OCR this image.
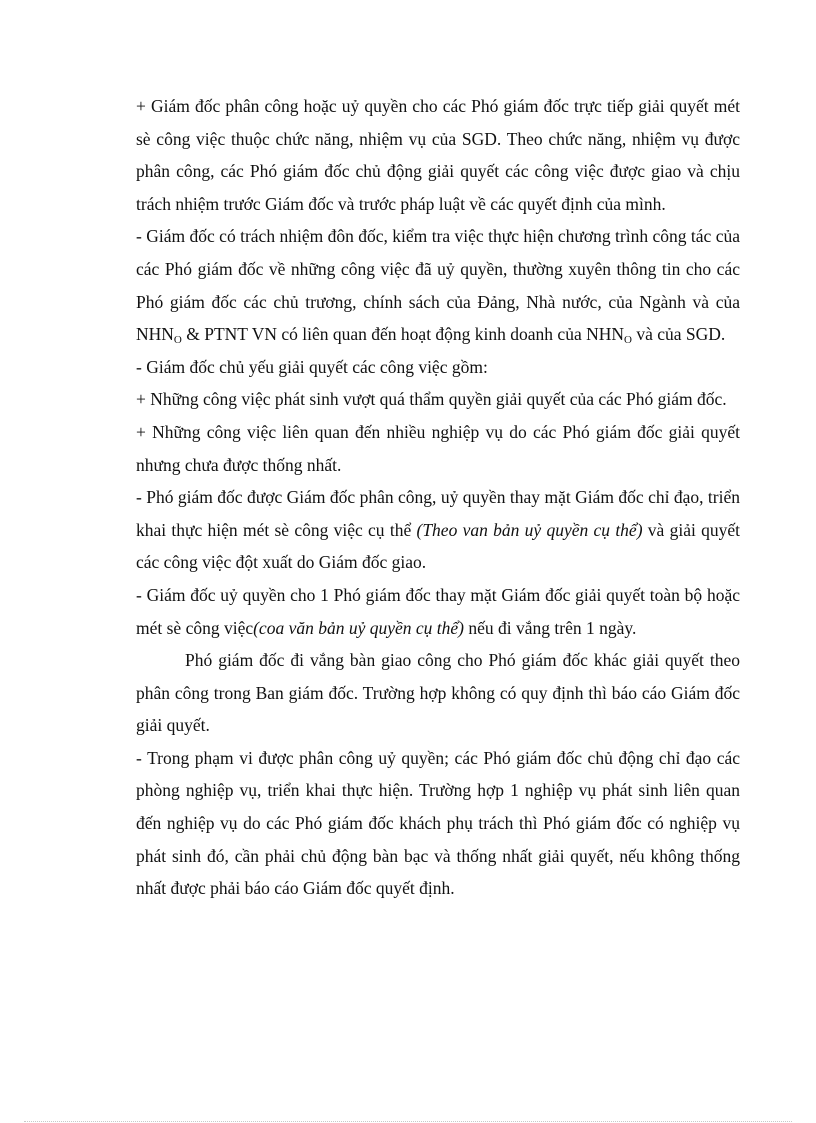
+ Giám đốc phân công hoặc uỷ quyền cho các Phó giám đốc trực tiếp giải quyết mét sè công việc thuộc chức năng, nhiệm vụ của SGD. Theo chức năng, nhiệm vụ được phân công, các Phó giám đốc chủ động giải quyết các công việc được giao và chịu trách nhiệm trước Giám đốc và trước pháp luật về các quyết định của mình.

- Giám đốc có trách nhiệm đôn đốc, kiểm tra việc thực hiện chương trình công tác của các Phó giám đốc về những công việc đã uỷ quyền, thường xuyên thông tin cho các Phó giám đốc các chủ trương, chính sách của Đảng, Nhà nước, của Ngành và của $NHN_O$ & PTNT VN có liên quan đến hoạt động kinh doanh của $NHN_O$ và của SGD.

- Giám đốc chủ yếu giải quyết các công việc gồm:

+ Những công việc phát sinh vượt quá thẩm quyền giải quyết của các Phó giám đốc.

+ Những công việc liên quan đến nhiều nghiệp vụ do các Phó giám đốc giải quyết nhưng chưa được thống nhất.

- Phó giám đốc được Giám đốc phân công, uỷ quyền thay mặt Giám đốc chỉ đạo, triển khai thực hiện mét sè công việc cụ thể (Theo van bản uỷ quyền cụ thể) và giải quyết các công việc đột xuất do Giám đốc giao.

- Giám đốc uỷ quyền cho 1 Phó giám đốc thay mặt Giám đốc giải quyết toàn bộ hoặc mét sè công việc(coa văn bản uỷ quyền cụ thể) nếu đi vắng trên 1 ngày.

Phó giám đốc đi vắng bàn giao công cho Phó giám đốc khác giải quyết theo phân công trong Ban giám đốc. Trường hợp không có quy định thì báo cáo Giám đốc giải quyết.

- Trong phạm vi được phân công uỷ quyền; các Phó giám đốc chủ động chỉ đạo các phòng nghiệp vụ, triển khai thực hiện. Trường hợp 1 nghiệp vụ phát sinh liên quan đến nghiệp vụ do các Phó giám đốc khách phụ trách thì Phó giám đốc có nghiệp vụ phát sinh đó, cần phải chủ động bàn bạc và thống nhất giải quyết, nếu không thống nhất được phải báo cáo Giám đốc quyết định.
